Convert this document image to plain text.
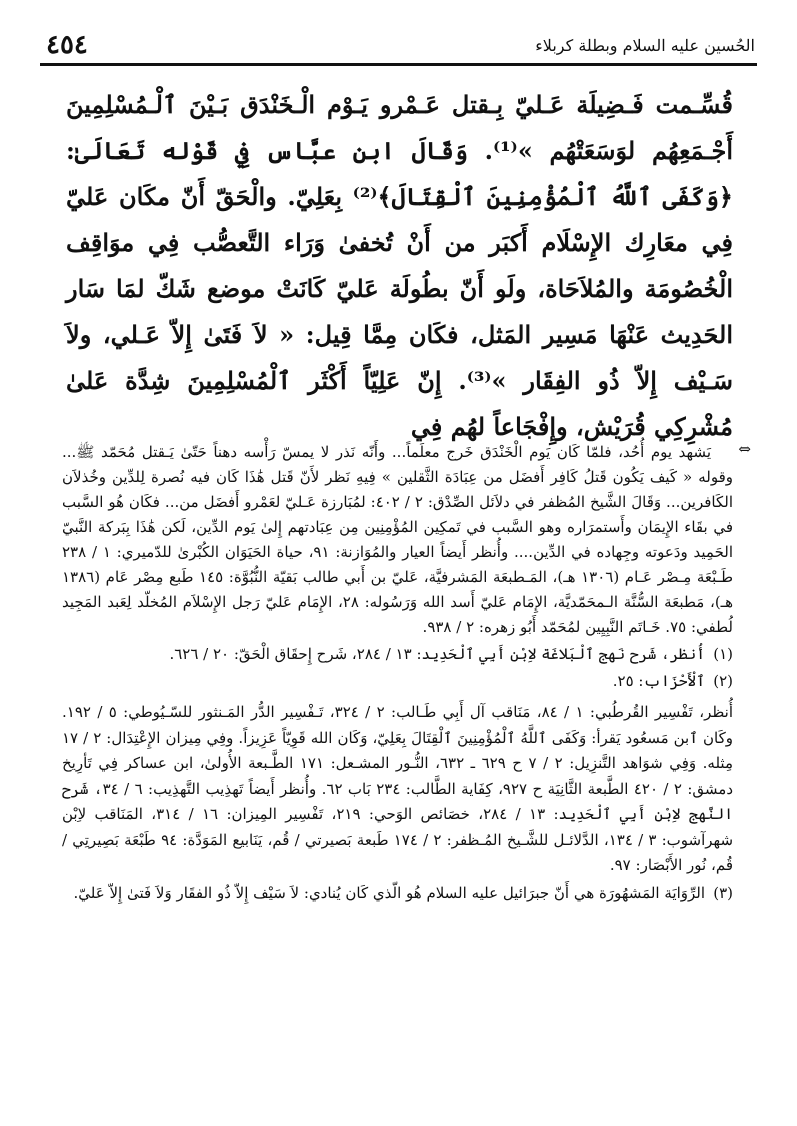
الحُسين عليه السلام وبطلة كربلاء
٤٥٤
قُسِّـمت فَـضِيلَة عَـليّ بِـقتل عَـمْرو يَـوْم الْـخَنْدَق بَـيْنَ ٱلْـمُسْلِمِينَ أَجْـمَعِهُم لوَسَعَتْهُم »⁽¹⁾. وَقَالَ ابن عبَّاس فِي قَوْله تَعَالَىٰ: ﴿وَكَفَى ٱللَّهُ ٱلْمُؤْمِنِينَ ٱلْقِتَالَ﴾⁽²⁾ بِعَلِيّ. والْحَقّ أَنّ مكَان عَليّ فِي معَارِك الإِسْلَام أَكبَر من أَنْ تُخفىٰ وَرَاء التَّعصُّب فِي موَاقِف الْخُصُومَة والمُلاَحَاة، ولَو أَنّ بطُولَة عَليّ كَانَتْ موضع شَكّ لمَا سَار الحَدِيث عَنْهَا مَسِير المَثل، فكَان مِمَّا قِيل: « لاَ فَتَىٰ إِلاّ عَـلي، ولاَ سَـيْف إِلاّ ذُو الفِقَار »⁽³⁾. إِنّ عَلِيّاً أَكْثَر ٱلْمُسْلِمِينَ شِدَّة عَلىٰ مُشْرِكِي قُرَيْش، وإِفْجَاعاً لهُم فِي
⇔
يَشهد يوم أُحُد، فلمّا كَان يَوم الْخَنْدَق خَرج معلَماً... وأَنّه نَذر لا يمسّ رَأْسه دهناً حَتّىٰ يَـقتل مُحَمّد ﷺ... وقوله « كَيف يَكُون قَتلُ كَافِر أَفضَل من عِبَادَة الثَّقلين » فِيهِ نَظر لأَنّ قَتل هَٰذَا كَان فيه نُصرة لِلدِّين وخُذلاَن الكَافرين... وَقَالَ الشَّيخ المُظفر في دلاَئل الصِّدْق: ٢ / ٤٠٢: لمُبَارزة عَـليّ لعَمْرو أَفضَل من... فكَان هُو السَّبب في بقَاء الإِيمَان وأَستمرَاره وهو السَّبب في تَمكِين المُؤْمِنِين مِن عِبَادتهم إِلىٰ يَوم الدِّين، لَكن هَٰذَا بِبَركة النَّبيّ الحَمِيد ودَعوته وجِهاده في الدِّين.... وأُنظر أَيضاً العيار والمُوَازنة: ٩١، حياة الحَيَوَان الكُبْرىٰ للدّميري: ١ / ٢٣٨ طَـبْعَة مِـصْر عَـام (١٣٠٦ هـ)، المَـطبعَة المَشرفيَّة، عَليّ بن أَبي طالب بَقيّة النُّبُوَّة: ١٤٥ طَبع مِصْر عَام (١٣٨٦ هـ)، مَطبعَة السُّنَّة الـمحَمّديَّة، الإِمَام عَليّ أَسد الله وَرَسُوله: ٢٨، الإِمَام عَليّ رَجل الإِسْلاَم المُخلّد لِعَبد المَجِيد لُطفي: ٧٥. خَـاتَم النَّبِيِين لمُحَمّد أَبُو زهره: ٢ / ٩٣٨.
(١)
أُنظر، شَرح نَهج ٱلْبَلاغَة لاِبْن أَبِي ٱلْحَدِيد: ١٣ / ٢٨٤، شَرح إِحقَاق الْحَقّ: ٢٠ / ٦٢٦.
(٢)
ٱلْأَحْزَاب: ٢٥.
أُنظر، تَفْسِير القُرطُبي: ١ / ٨٤، مَنَاقب آل أَبِي طَـالب: ٢ / ٣٢٤، تَـفْسِير الدُّر المَـنثور للسّـيُوطي: ٥ / ١٩٢. وكَان ٱبن مَسعُود يَقرأ: وَكَفَى ٱللَّهُ ٱلْمُؤْمِنِينَ ٱلْقِتَالَ بِعَلِيّ، وَكَان الله قَوِيّاً عَزِيزاً. وفِي مِيزان الإِعْتِدَال: ٢ / ١٧ مِثله. وَفِي شوَاهد التَّنزِيل: ٢ / ٧ ح ٦٢٩ ـ ٦٣٢، النُّـور المشـعل: ١٧١ الطَّـبعة الأُولىٰ، ابن عساكر فِي تَأرِيخ دمشق: ٢ / ٤٢٠ الطَّبعة الثَّانِيَة ح ٩٢٧، كِفَاية الطَّالب: ٢٣٤ بَاب ٦٢. وأُنظر أَيضاً تَهذِيب التَّهذِيب: ٦ / ٣٤، شَرح النَّهج لاِبْن أَبِي ٱلْحَدِيد: ١٣ / ٢٨٤، خصَائص الوَحي: ٢١٩، تَفْسِير المِيزان: ١٦ / ٣١٤، المَنَاقب لاِبْن شهرآشوب: ٣ / ١٣٤، الدَّلائـل للشَّـيخ المُـظفر: ٢ / ١٧٤ طَبعة بَصيرتي / قُم، يَنَابيع المَوَدَّة: ٩٤ طَبْعَة بَصِيرتِي / قُم، نُور الأَبْصَار: ٩٧.
(٣)
الرِّوَايَة المَشهُورَة هي أَنّ جبرَائيل عليه السلام هُو الّذي كَان يُنادي: لاَ سَيْف إِلاّ ذُو الفقَار وَلاَ فَتىٰ إِلاّ عَليّ.
